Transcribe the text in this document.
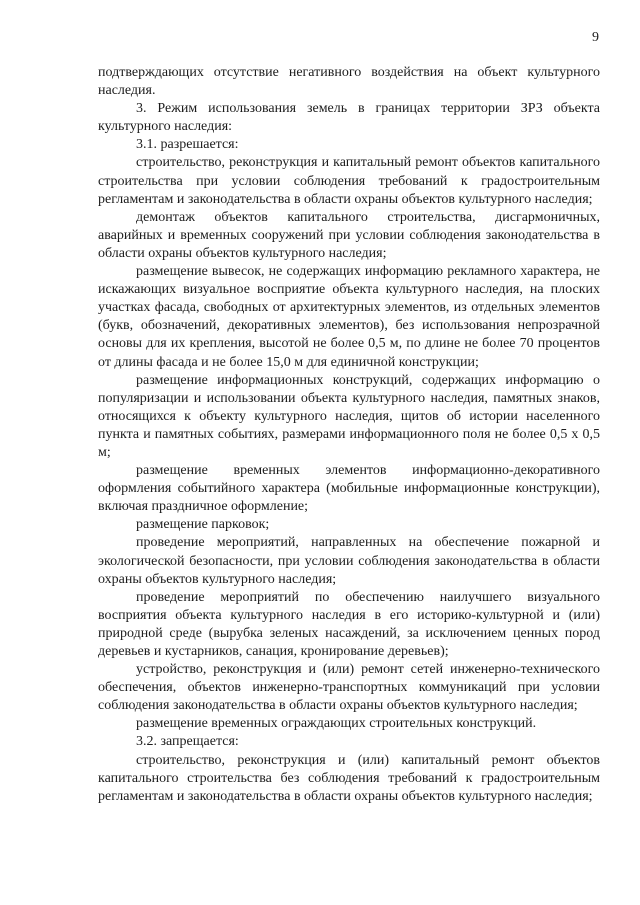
9

подтверждающих отсутствие негативного воздействия на объект культурного наследия.

3. Режим использования земель в границах территории ЗРЗ объекта культурного наследия:

3.1. разрешается:

строительство, реконструкция и капитальный ремонт объектов капитального строительства при условии соблюдения требований к градостроительным регламентам и законодательства в области охраны объектов культурного наследия;

демонтаж объектов капитального строительства, дисгармоничных, аварийных и временных сооружений при условии соблюдения законодательства в области охраны объектов культурного наследия;

размещение вывесок, не содержащих информацию рекламного характера, не искажающих визуальное восприятие объекта культурного наследия, на плоских участках фасада, свободных от архитектурных элементов, из отдельных элементов (букв, обозначений, декоративных элементов), без использования непрозрачной основы для их крепления, высотой не более 0,5 м, по длине не более 70 процентов от длины фасада и не более 15,0 м для единичной конструкции;

размещение информационных конструкций, содержащих информацию о популяризации и использовании объекта культурного наследия, памятных знаков, относящихся к объекту культурного наследия, щитов об истории населенного пункта и памятных событиях, размерами информационного поля не более 0,5 х 0,5 м;

размещение временных элементов информационно-декоративного оформления событийного характера (мобильные информационные конструкции), включая праздничное оформление;

размещение парковок;

проведение мероприятий, направленных на обеспечение пожарной и экологической безопасности, при условии соблюдения законодательства в области охраны объектов культурного наследия;

проведение мероприятий по обеспечению наилучшего визуального восприятия объекта культурного наследия в его историко-культурной и (или) природной среде (вырубка зеленых насаждений, за исключением ценных пород деревьев и кустарников, санация, кронирование деревьев);

устройство, реконструкция и (или) ремонт сетей инженерно-технического обеспечения, объектов инженерно-транспортных коммуникаций при условии соблюдения законодательства в области охраны объектов культурного наследия;

размещение временных ограждающих строительных конструкций.

3.2. запрещается:

строительство, реконструкция и (или) капитальный ремонт объектов капитального строительства без соблюдения требований к градостроительным регламентам и законодательства в области охраны объектов культурного наследия;
